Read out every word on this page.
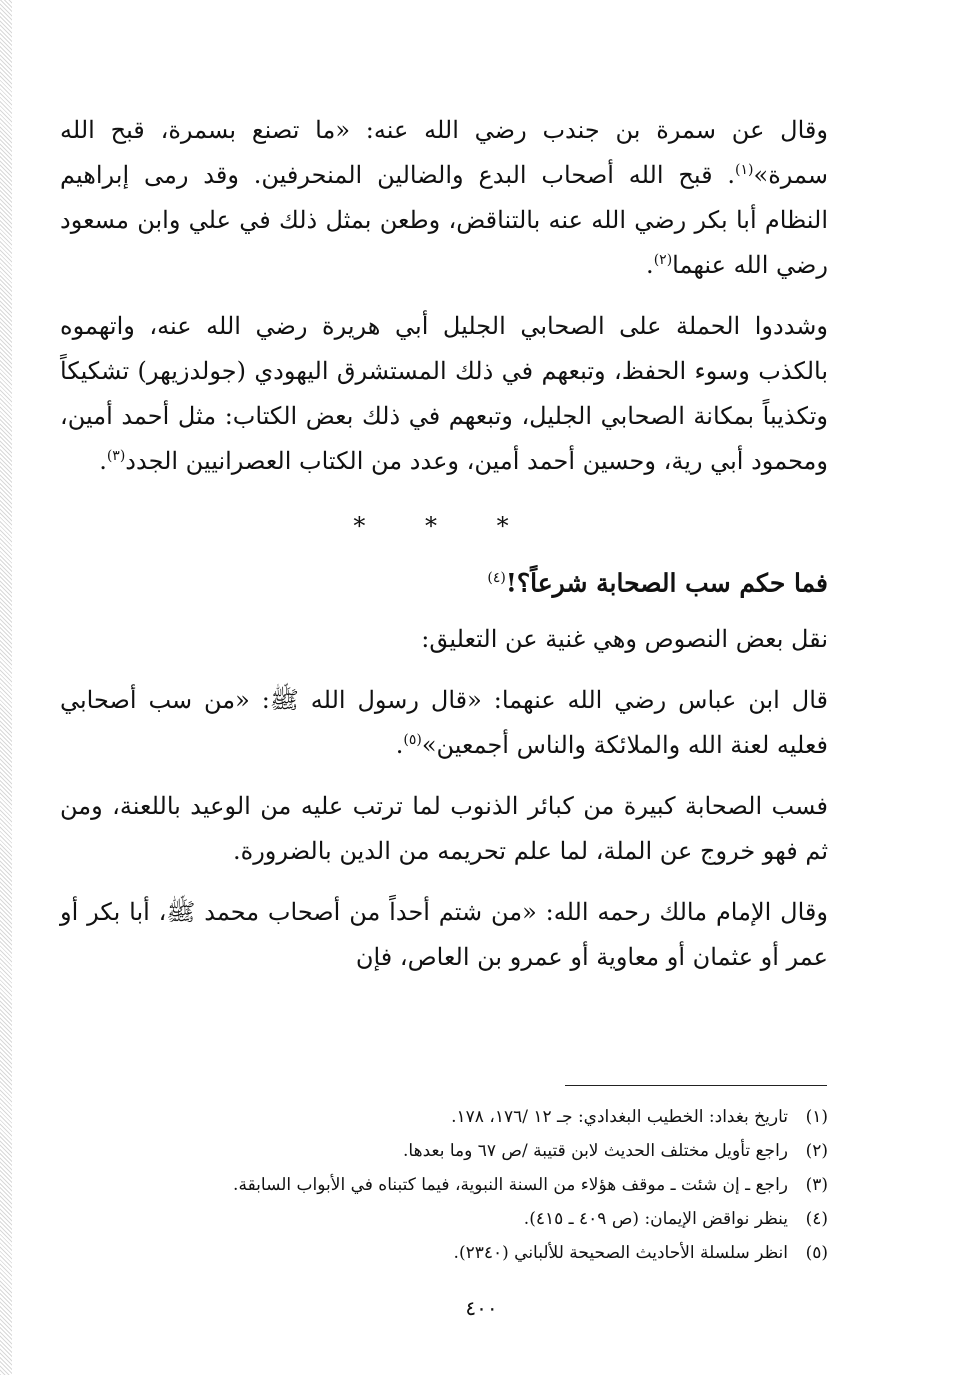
وقال عن سمرة بن جندب رضي الله عنه: «ما تصنع بسمرة، قبح الله سمرة»$^{(١)}$. قبح الله أصحاب البدع والضالين المنحرفين. وقد رمى إبراهيم النظام أبا بكر رضي الله عنه بالتناقض، وطعن بمثل ذلك في علي وابن مسعود رضي الله عنهما$^{(٢)}$.

وشددوا الحملة على الصحابي الجليل أبي هريرة رضي الله عنه، واتهموه بالكذب وسوء الحفظ، وتبعهم في ذلك المستشرق اليهودي (جولدزيهر) تشكيكاً وتكذيباً بمكانة الصحابي الجليل، وتبعهم في ذلك بعض الكتاب: مثل أحمد أمين، ومحمود أبي رية، وحسين أحمد أمين، وعدد من الكتاب العصرانيين الجدد$^{(٣)}$.

* * *
فما حكم سب الصحابة شرعاً؟!$^{(٤)}$

نقل بعض النصوص وهي غنية عن التعليق:

قال ابن عباس رضي الله عنهما: «قال رسول الله ﷺ: «من سب أصحابي فعليه لعنة الله والملائكة والناس أجمعين»$^{(٥)}$.

فسب الصحابة كبيرة من كبائر الذنوب لما ترتب عليه من الوعيد باللعنة، ومن ثم فهو خروج عن الملة، لما علم تحريمه من الدين بالضرورة.

وقال الإمام مالك رحمه الله: «من شتم أحداً من أصحاب محمد ﷺ، أبا بكر أو عمر أو عثمان أو معاوية أو عمرو بن العاص، فإن

(١)
تاريخ بغداد: الخطيب البغدادي: جـ ١٢ /١٧٦، ١٧٨.
(٢)
راجع تأويل مختلف الحديث لابن قتيبة /ص ٦٧ وما بعدها.
(٣)
راجع ـ إن شئت ـ موقف هؤلاء من السنة النبوية، فيما كتبناه في الأبواب السابقة.
(٤)
ينظر نواقض الإيمان: (ص ٤٠٩ ـ ٤١٥).
(٥)
انظر سلسلة الأحاديث الصحيحة للألباني (٢٣٤٠).
٤٠٠
